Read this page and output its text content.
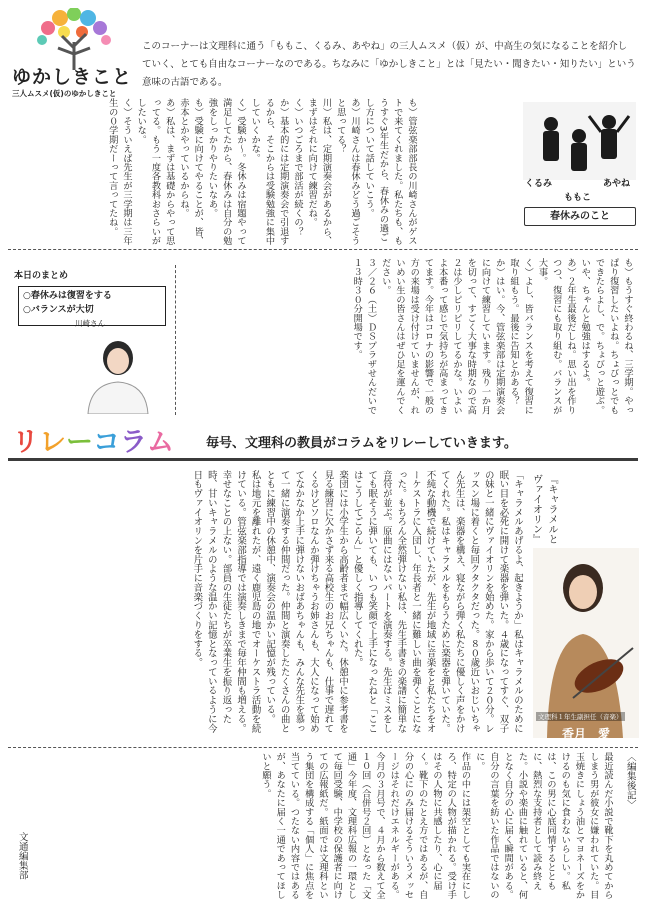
ゆかしきこと
三人ムスメ(仮)のゆかしきこと
このコーナーは文理科に通う「ももこ、くるみ、あやね」の三人ムスメ（仮）が、中高生の気になることを紹介していく、とても自由なコーナーなのである。ちなみに「ゆかしきこと」とは「見たい・聞きたい・知りたい」という意味の古語である。
も）管弦楽部部長の川崎さんがゲストで来てくれました。私たちも、もうすぐ3年生だから、春休みの過ごし方について話していこう。
あ）川崎さんは春休みどう過ごそうと思ってる？
川）私は、定期演奏会があるから、まずはそれに向けて練習だね。
く）いつごろまで部活が続くの？
か）基本的には定期演奏会で引退するから、そこからは受験勉強に集中していくかな。
く）受験か〜。冬休みは宿題やって満足してたから、春休みは自分の勉強をしっかりやりたいなあ。
も）受験に向けてやることが、皆、赤本とかやっているからね。
あ）私は、まずは基礎からやって思ってる。もう一度各教科おさらいがしたいな。
く）そういえば先生が三学期は三年生の０学期だーって言ってたね。	くるみ	あやね
ももこ
春休みのこと
本日のまとめ
○春休みは復習をする
○バランスが大切
川崎さん	も）もうすぐ終わるね、三学期。やっぱり復習したいよね。ちょびっとでもできたらよし、で。ちょびっと遊ぶ。いや、ちゃんと勉強はするよ。
あ）２年生最後だしね。思い出を作りつつ、復習にも取り組む。バランスが大事。
く）よし、皆バランスを考えて復習に取り組もう。最後に告知とかある？
か）はい。今、管弦楽部は定期演奏会に向けて練習しています。残り一か月を切って、すごく大事な時期なので高２は少しピリピリしてるかな。いよいよ本番って感じで気持ちが高まってきてます。今年はコロナの影響で一般の方の来場は受け付けていませんが、れいめい生の皆さんはぜひ足を運んでください。
３／２６（土）ＤＳプラザせんだいで１３時３０分開場です。
リレーコラム 毎号、文理科の教員がコラムをリレーしていきます。
『キャラメルと
ヴァイオリン』
文理科１年生副担任（音楽）
香月　愛
「キャラメルあげるよ、起きようか」私はキャラメルのために眠い目を必死に開けて楽器を弾いた。４歳になってすぐ、双子の妹と一緒にヴァイオリンを始めた。家から歩いて２０分。レッスン場に着くと毎回クタクタだった。８０歳近いおじいちゃん先生は、楽器を構え、寝ながら弾く私たちに優しく声をかけてくれた。私はキャラメルをもらうために楽器を弾いていた。
不純な動機で続けていたが、先生が地域に音楽をと私たちをオーケストラに入団し、年長者と一緒に難しい曲を弾くことになった。もちろん全然弾けない私は、先生手書きの楽譜に簡単な音符が並ぶ。原曲にはないパートを演奏する。先生はミスをしても眠そうに弾いても、いつも笑顔で上手になったねと「ここはこうしてごらん」と優しく指導してくれた。
楽団には小学生から高齢者まで幅広くいた。休憩中に参考書を見る練習に欠かさず来る高校生のお兄ちゃんも、仕事で遅れてくるけどソロなんか弾けちゃうお姉さんも、大人になって始めてなかなか上手に弾けないおばあちゃんも、みんな先生を慕って一緒に演奏する仲間だった。仲間と演奏したたくさんの曲とともに練習中の休憩中、演奏会の温かい記憶が残っている。
私は地元を離れたが、遠く鹿児島の地でオーケストラ活動を続けている。管弦楽部指導では演奏しきまで毎年仲間も増える。幸せなことの上ない。部員の生徒たちが卒業生を振り返った時、甘いキャラメルのような温かい記憶となっているように今日もヴァイオリンを片手に音楽づくりをする。
〈編集後記〉
最近読んだ小説で靴下を丸めてからしまう男が彼女に嫌われていた。目玉焼きにしょう油とマヨネーズをかけるのも気に食わないらしい。私は、この男に心底同情するとともに、熱烈な支持者として読み終えた。小説や楽曲に触れていると、何となく自分の心に届く瞬間がある。自分の言葉を紡いた作品ではないのに。
作品の中には架空としても実在にしろ、特定の人物が描かれる。受け手はその人物に共感したり、心に届く。靴下のたとえ方ではあるが、自分の心にのみ届けるそういうメッセージはそれだけエネルギーがある。
今月の３月号で、４月から数えて全１０回（合併号２回）となった「文通」今年度、文理科広報の一環として毎回受験、中学校の保護者に向けての広報紙だ。紙面では文理科という集団を構成する「個人」に焦点を当てている。つたない内容ではあるが、あなたに届く一通であってほしいと願う。
文通編集部
